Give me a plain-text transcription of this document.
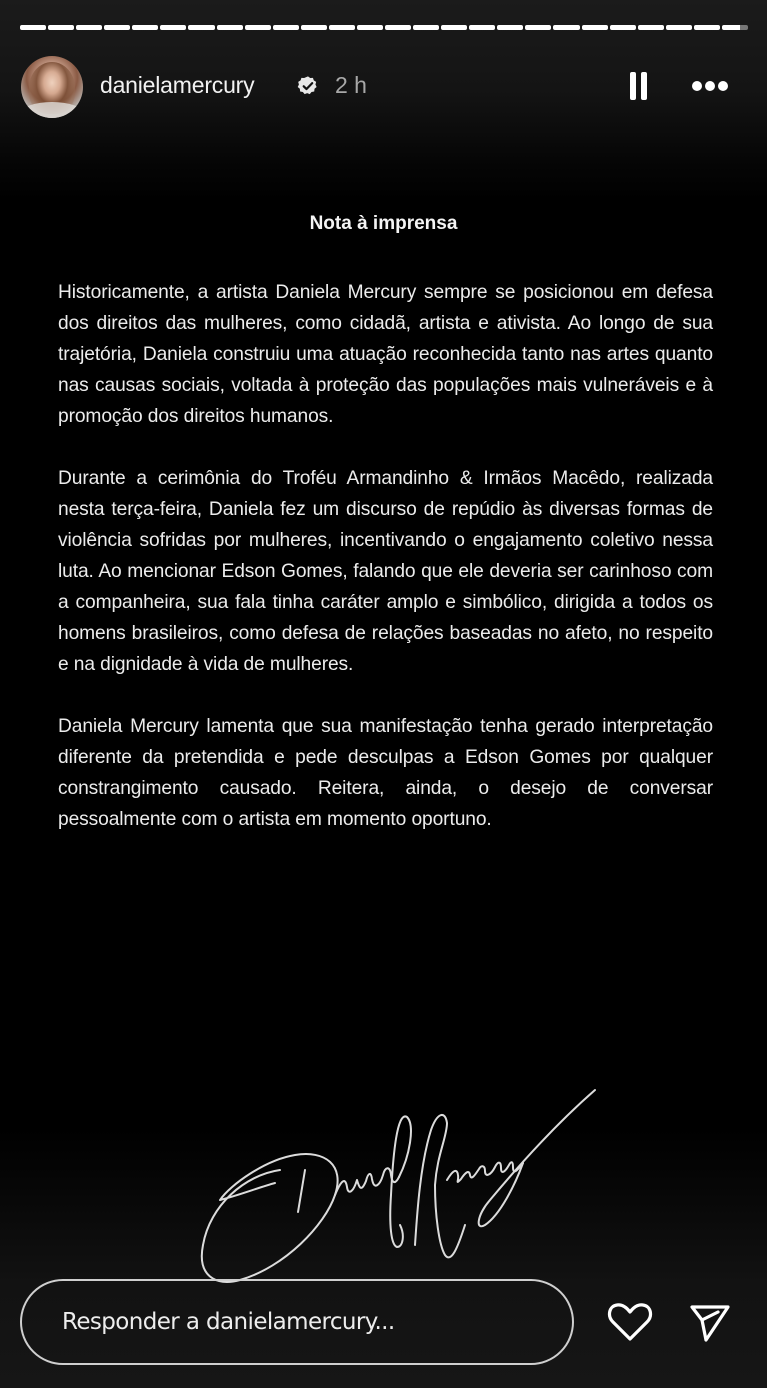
danielamercury	2 h
Nota à imprensa

Historicamente, a artista Daniela Mercury sempre se posicionou em defesa dos direitos das mulheres, como cidadã, artista e ativista. Ao longo de sua trajetória, Daniela construiu uma atuação reconhecida tanto nas artes quanto nas causas sociais, voltada à proteção das populações mais vulneráveis e à promoção dos direitos humanos.

Durante a cerimônia do Troféu Armandinho & Irmãos Macêdo, realizada nesta terça-feira, Daniela fez um discurso de repúdio às diversas formas de violência sofridas por mulheres, incentivando o engajamento coletivo nessa luta. Ao mencionar Edson Gomes, falando que ele deveria ser carinhoso com a companheira, sua fala tinha caráter amplo e simbólico, dirigida a todos os homens brasileiros, como defesa de relações baseadas no afeto, no respeito e na dignidade à vida de mulheres.

Daniela Mercury lamenta que sua manifestação tenha gerado interpretação diferente da pretendida e pede desculpas a Edson Gomes por qualquer constrangimento causado. Reitera, ainda, o desejo de conversar pessoalmente com o artista em momento oportuno.

Responder a danielamercury...
